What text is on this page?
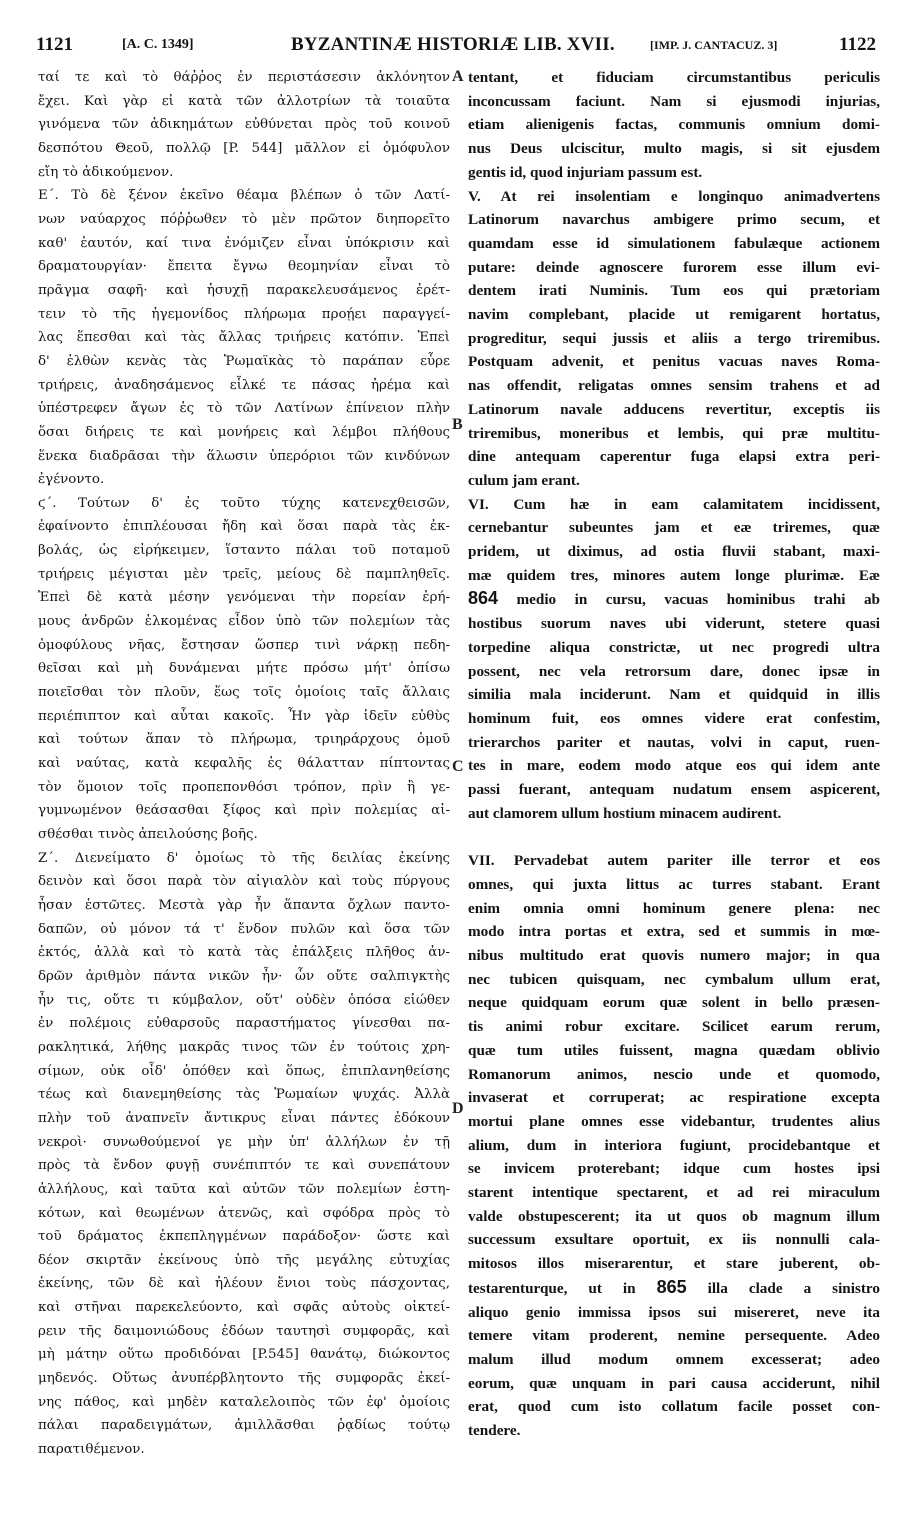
1121	[A. C. 1349]	BYZANTINÆ HISTORIÆ LIB. XVII.	[IMP. J. CANTACUZ. 3]	1122
A
B
C
D
ταί τε καὶ τὸ θάῤῥος ἐν περιστάσεσιν ἀκλόνητον
ἔχει. Καὶ γὰρ εἰ κατὰ τῶν ἀλλοτρίων τὰ τοιαῦτα
γινόμενα τῶν ἀδικημάτων εὐθύνεται πρὸς τοῦ κοινοῦ
δεσπότου Θεοῦ, πολλῷ [P. 544] μᾶλλον εἰ ὁμόφυλον
εἴη τὸ ἀδικούμενον.
Ε΄. Τὸ δὲ ξένον ἐκεῖνο θέαμα βλέπων ὁ τῶν Λατί-
νων ναύαρχος πόῤῥωθεν τὸ μὲν πρῶτον διηπορεῖτο
καθ' ἑαυτόν, καί τινα ἐνόμιζεν εἶναι ὑπόκρισιν καὶ
δραματουργίαν· ἔπειτα ἔγνω θεομηνίαν εἶναι τὸ
πρᾶγμα σαφῆ· καὶ ἡσυχῇ παρακελευσάμενος ἐρέτ-
τειν τὸ τῆς ἡγεμονίδος πλήρωμα προῄει παραγγεί-
λας ἕπεσθαι καὶ τὰς ἄλλας τριήρεις κατόπιν. Ἐπεὶ
δ' ἐλθὼν κενὰς τὰς Ῥωμαϊκὰς τὸ παράπαν εὗρε
τριήρεις, ἀναδησάμενος εἷλκέ τε πάσας ἠρέμα καὶ
ὑπέστρεφεν ἄγων ἐς τὸ τῶν Λατίνων ἐπίνειον πλὴν
ὅσαι διήρεις τε καὶ μονήρεις καὶ λέμβοι πλήθους
ἕνεκα διαδρᾶσαι τὴν ἅλωσιν ὑπερόριοι τῶν κινδύνων
ἐγένοντο.
ϛ΄. Τούτων δ' ἐς τοῦτο τύχης κατενεχθεισῶν,
ἐφαίνοντο ἐπιπλέουσαι ἤδη καὶ ὅσαι παρὰ τὰς ἐκ-
βολάς, ὡς εἰρήκειμεν, ἵσταντο πάλαι τοῦ ποταμοῦ
τριήρεις μέγισται μὲν τρεῖς, μείους δὲ παμπληθεῖς.
Ἐπεὶ δὲ κατὰ μέσην γενόμεναι τὴν πορείαν ἐρή-
μους ἀνδρῶν ἑλκομένας εἶδον ὑπὸ τῶν πολεμίων τὰς
ὁμοφύλους νῆας, ἔστησαν ὥσπερ τινὶ νάρκῃ πεδη-
θεῖσαι καὶ μὴ δυνάμεναι μήτε πρόσω μήτ' ὀπίσω
ποιεῖσθαι τὸν πλοῦν, ἕως τοῖς ὁμοίοις ταῖς ἄλλαις
περιέπιπτον καὶ αὗται κακοῖς. Ἦν γὰρ ἰδεῖν εὐθὺς
καὶ τούτων ἅπαν τὸ πλήρωμα, τριηράρχους ὁμοῦ
καὶ ναύτας, κατὰ κεφαλῆς ἐς θάλατταν πίπτοντας
τὸν ὅμοιον τοῖς προπεπονθόσι τρόπον, πρὶν ἢ γε-
γυμνωμένον θεάσασθαι ξίφος καὶ πρὶν πολεμίας αἰ-
σθέσθαι τινὸς ἀπειλούσης βοῆς.
Ζ΄. Διενείματο δ' ὁμοίως τὸ τῆς δειλίας ἐκείνης
δεινὸν καὶ ὅσοι παρὰ τὸν αἰγιαλὸν καὶ τοὺς πύργους
ἦσαν ἑστῶτες. Μεστὰ γὰρ ἦν ἅπαντα ὄχλων παντο-
δαπῶν, οὐ μόνον τά τ' ἔνδον πυλῶν καὶ ὅσα τῶν
ἐκτός, ἀλλὰ καὶ τὸ κατὰ τὰς ἐπάλξεις πλῆθος ἀν-
δρῶν ἀριθμὸν πάντα νικῶν ἦν· ὧν οὔτε σαλπιγκτὴς
ἦν τις, οὔτε τι κύμβαλον, οὔτ' οὐδὲν ὁπόσα εἰώθεν
ἐν πολέμοις εὐθαρσοῦς παραστήματος γίνεσθαι πα-
ρακλητικά, λήθης μακρᾶς τινος τῶν ἐν τούτοις χρη-
σίμων, οὐκ οἶδ' ὁπόθεν καὶ ὅπως, ἐπιπλανηθείσης
τέως καὶ διανεμηθείσης τὰς Ῥωμαίων ψυχάς. Ἀλλὰ
πλὴν τοῦ ἀναπνεῖν ἄντικρυς εἶναι πάντες ἐδόκουν
νεκροὶ· συνωθούμενοί γε μὴν ὑπ' ἀλλήλων ἐν τῇ
πρὸς τὰ ἔνδον φυγῇ συνέπιπτόν τε καὶ συνεπάτουν
ἀλλήλους, καὶ ταῦτα καὶ αὐτῶν τῶν πολεμίων ἑστη-
κότων, καὶ θεωμένων ἀτενῶς, καὶ σφόδρα πρὸς τὸ
τοῦ δράματος ἐκπεπληγμένων παράδοξον· ὥστε καὶ
δέον σκιρτᾶν ἐκείνους ὑπὸ τῆς μεγάλης εὐτυχίας
ἐκείνης, τῶν δὲ καὶ ἠλέουν ἔνιοι τοὺς πάσχοντας,
καὶ στῆναι παρεκελεύοντο, καὶ σφᾶς αὐτοὺς οἰκτεί-
ρειν τῆς δαιμονιώδους ἐδόων ταυτησὶ συμφορᾶς, καὶ
μὴ μάτην οὕτω προδιδόναι [P.545] θανάτῳ, διώκοντος
μηδενός. Οὕτως ἀνυπέρβλητοντο τῆς συμφορᾶς ἐκεί-
νης πάθος, καὶ μηδὲν καταλελοιπὸς τῶν ἐφ' ὁμοίοις
πάλαι παραδειγμάτων, ἁμιλλᾶσθαι ῥᾳδίως τούτῳ
παρατιθέμενον.
tentant, et fiduciam circumstantibus periculis
inconcussam faciunt. Nam si ejusmodi injurias,
etiam alienigenis factas, communis omnium domi-
nus Deus ulciscitur, multo magis, si sit ejusdem
gentis id, quod injuriam passum est.
V. At rei insolentiam e longinquo animadvertens
Latinorum navarchus ambigere primo secum, et
quamdam esse id simulationem fabulæque actionem
putare: deinde agnoscere furorem esse illum evi-
dentem irati Numinis. Tum eos qui prætoriam
navim complebant, placide ut remigarent hortatus,
progreditur, sequi jussis et aliis a tergo triremibus.
Postquam advenit, et penitus vacuas naves Roma-
nas offendit, religatas omnes sensim trahens et ad
Latinorum navale adducens revertitur, exceptis iis
triremibus, moneribus et lembis, qui præ multitu-
dine antequam caperentur fuga elapsi extra peri-
culum jam erant.
VI. Cum hæ in eam calamitatem incidissent,
cernebantur subeuntes jam et eæ triremes, quæ
pridem, ut diximus, ad ostia fluvii stabant, maxi-
mæ quidem tres, minores autem longe plurimæ. Eæ
864 medio in cursu, vacuas hominibus trahi ab
hostibus suorum naves ubi viderunt, stetere quasi
torpedine aliqua constrictæ, ut nec progredi ultra
possent, nec vela retrorsum dare, donec ipsæ in
similia mala inciderunt. Nam et quidquid in illis
hominum fuit, eos omnes videre erat confestim,
trierarchos pariter et nautas, volvi in caput, ruen-
tes in mare, eodem modo atque eos qui idem ante
passi fuerant, antequam nudatum ensem aspicerent,
aut clamorem ullum hostium minacem audirent.
VII. Pervadebat autem pariter ille terror et eos
omnes, qui juxta littus ac turres stabant. Erant
enim omnia omni hominum genere plena: nec
modo intra portas et extra, sed et summis in mœ-
nibus multitudo erat quovis numero major; in qua
nec tubicen quisquam, nec cymbalum ullum erat,
neque quidquam eorum quæ solent in bello præsen-
tis animi robur excitare. Scilicet earum rerum,
quæ tum utiles fuissent, magna quædam oblivio
Romanorum animos, nescio unde et quomodo,
invaserat et corruperat; ac respiratione excepta
mortui plane omnes esse videbantur, trudentes alius
alium, dum in interiora fugiunt, procidebantque et
se invicem proterebant; idque cum hostes ipsi
starent intentique spectarent, et ad rei miraculum
valde obstupescerent; ita ut quos ob magnum illum
successum exsultare oportuit, ex iis nonnulli cala-
mitosos illos miserarentur, et stare juberent, ob-
testarenturque, ut in 865 illa clade a sinistro
aliquo genio immissa ipsos sui misereret, neve ita
temere vitam proderent, nemine persequente. Adeo
malum illud modum omnem excesserat; adeo
eorum, quæ unquam in pari causa acciderunt, nihil
erat, quod cum isto collatum facile posset con-
tendere.
